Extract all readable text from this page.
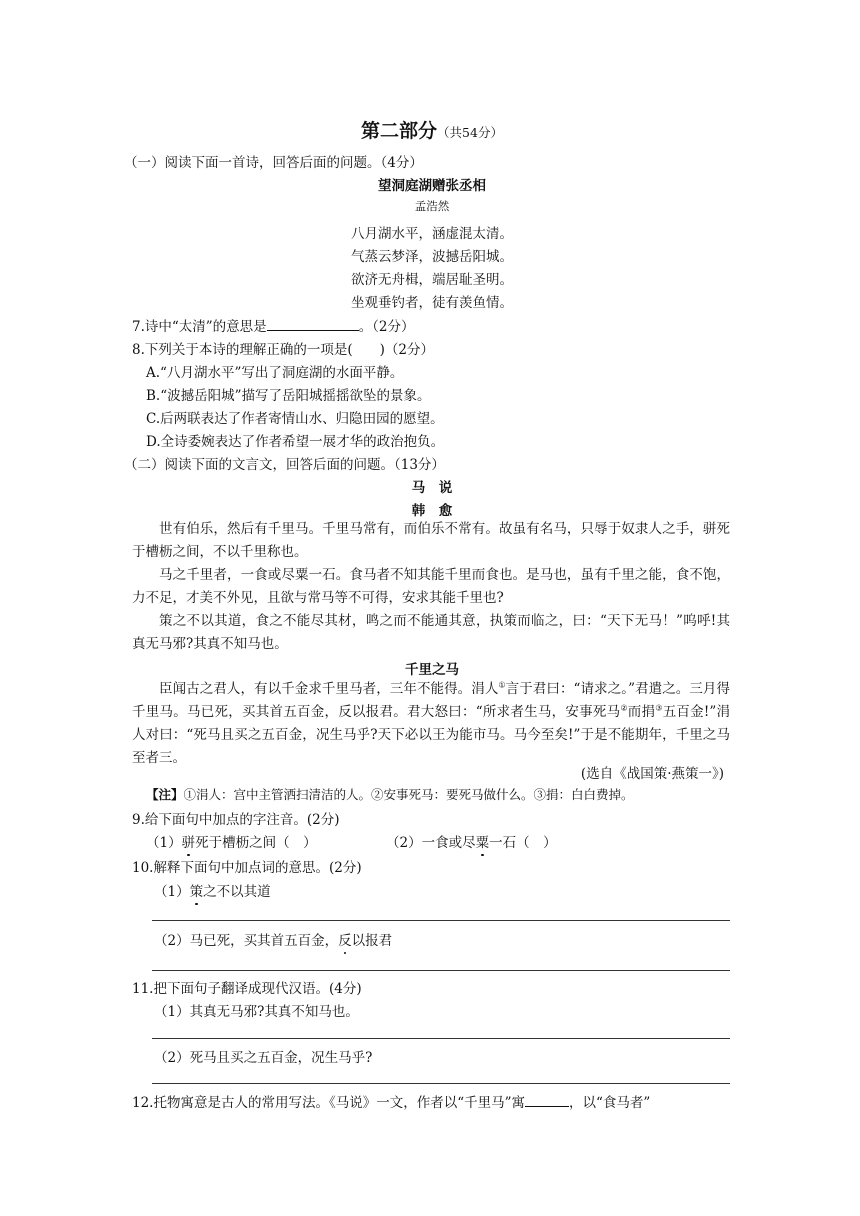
第二部分（共54分）
（一）阅读下面一首诗，回答后面的问题。（4分）
望洞庭湖赠张丞相
孟浩然
八月湖水平，涵虚混太清。
气蒸云梦泽，波撼岳阳城。
欲济无舟楫，端居耻圣明。
坐观垂钓者，徒有羡鱼情。
7.诗中“太清”的意思是	。（2分）
8.下列关于本诗的理解正确的一项是(　　)（2分）
A.“八月湖水平”写出了洞庭湖的水面平静。
B.“波撼岳阳城”描写了岳阳城摇摇欲坠的景象。
C.后两联表达了作者寄情山水、归隐田园的愿望。
D.全诗委婉表达了作者希望一展才华的政治抱负。
（二）阅读下面的文言文，回答后面的问题。（13分）
马　说
韩　愈
世有伯乐，然后有千里马。千里马常有，而伯乐不常有。故虽有名马，只辱于奴隶人之手，骈死于槽枥之间，不以千里称也。
马之千里者，一食或尽粟一石。食马者不知其能千里而食也。是马也，虽有千里之能，食不饱，力不足，才美不外见，且欲与常马等不可得，安求其能千里也?
策之不以其道，食之不能尽其材，鸣之而不能通其意，执策而临之，曰：“天下无马！”呜呼!其真无马邪?其真不知马也。
千里之马
臣闻古之君人，有以千金求千里马者，三年不能得。涓人①言于君曰：“请求之。”君遣之。三月得千里马。马已死，买其首五百金，反以报君。君大怒曰：“所求者生马，安事死马②而捐③五百金!”涓人对曰：“死马且买之五百金，况生马乎?天下必以王为能市马。马今至矣!”于是不能期年，千里之马至者三。
(选自《战国策·燕策一》)
【注】①涓人：宫中主管洒扫清洁的人。②安事死马：要死马做什么。③捐：白白费掉。
9.给下面句中加点的字注音。(2分)
（1）骈死于槽枥之间（　）	（2）一食或尽粟一石（　）
10.解释下面句中加点词的意思。(2分)
（1）策之不以其道
（2）马已死，买其首五百金，反以报君
11.把下面句子翻译成现代汉语。(4分)
（1）其真无马邪?其真不知马也。
（2）死马且买之五百金，况生马乎?
12.托物寓意是古人的常用写法。《马说》一文，作者以“千里马”寓	，以“食马者”
